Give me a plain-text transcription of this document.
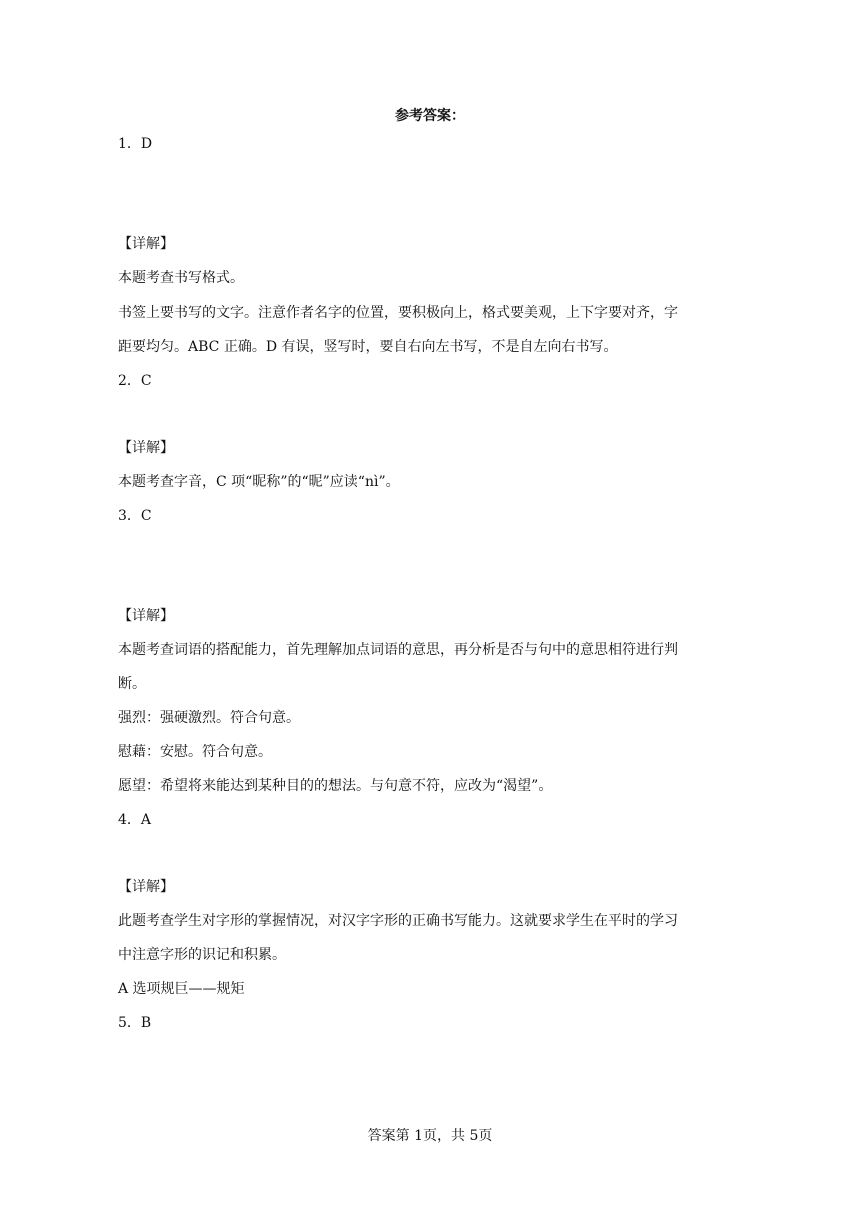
参考答案：
1．D
【详解】
本题考查书写格式。
书签上要书写的文字。注意作者名字的位置，要积极向上，格式要美观，上下字要对齐，字
距要均匀。ABC 正确。D 有误，竖写时，要自右向左书写，不是自左向右书写。
2．C
【详解】
本题考查字音，C 项“昵称”的“昵”应读“nì”。
3．C
【详解】
本题考查词语的搭配能力，首先理解加点词语的意思，再分析是否与句中的意思相符进行判
断。
强烈：强硬激烈。符合句意。
慰藉：安慰。符合句意。
愿望：希望将来能达到某种目的的想法。与句意不符，应改为“渴望”。
4．A
【详解】
此题考查学生对字形的掌握情况，对汉字字形的正确书写能力。这就要求学生在平时的学习
中注意字形的识记和积累。
A 选项规巨——规矩
5．B
答案第 1页，共 5页
